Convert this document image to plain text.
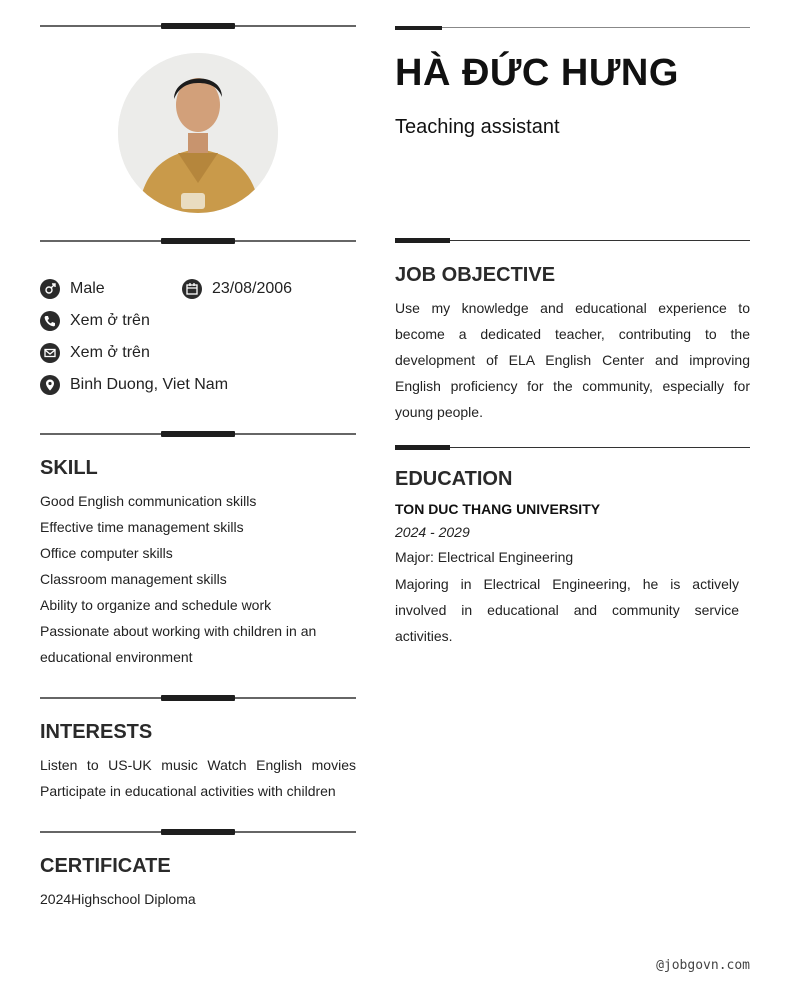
Male	23/08/2006
Xem ở trên
Xem ở trên
Binh Duong, Viet Nam
SKILL
Good English communication skills
Effective time management skills
Office computer skills
Classroom management skills
Ability to organize and schedule work
Passionate about working with children in an educational environment
INTERESTS

Listen to US-UK music Watch English movies Participate in educational activities with children

CERTIFICATE

2024Highschool Diploma

HÀ ĐỨC HƯNG
Teaching assistant
JOB OBJECTIVE

Use my knowledge and educational experience to become a dedicated teacher, contributing to the development of ELA English Center and improving English proficiency for the community, especially for young people.

EDUCATION
TON DUC THANG UNIVERSITY
2024 - 2029
Major: Electrical Engineering

Majoring in Electrical Engineering, he is actively involved in educational and community service activities.

@jobgovn.com
